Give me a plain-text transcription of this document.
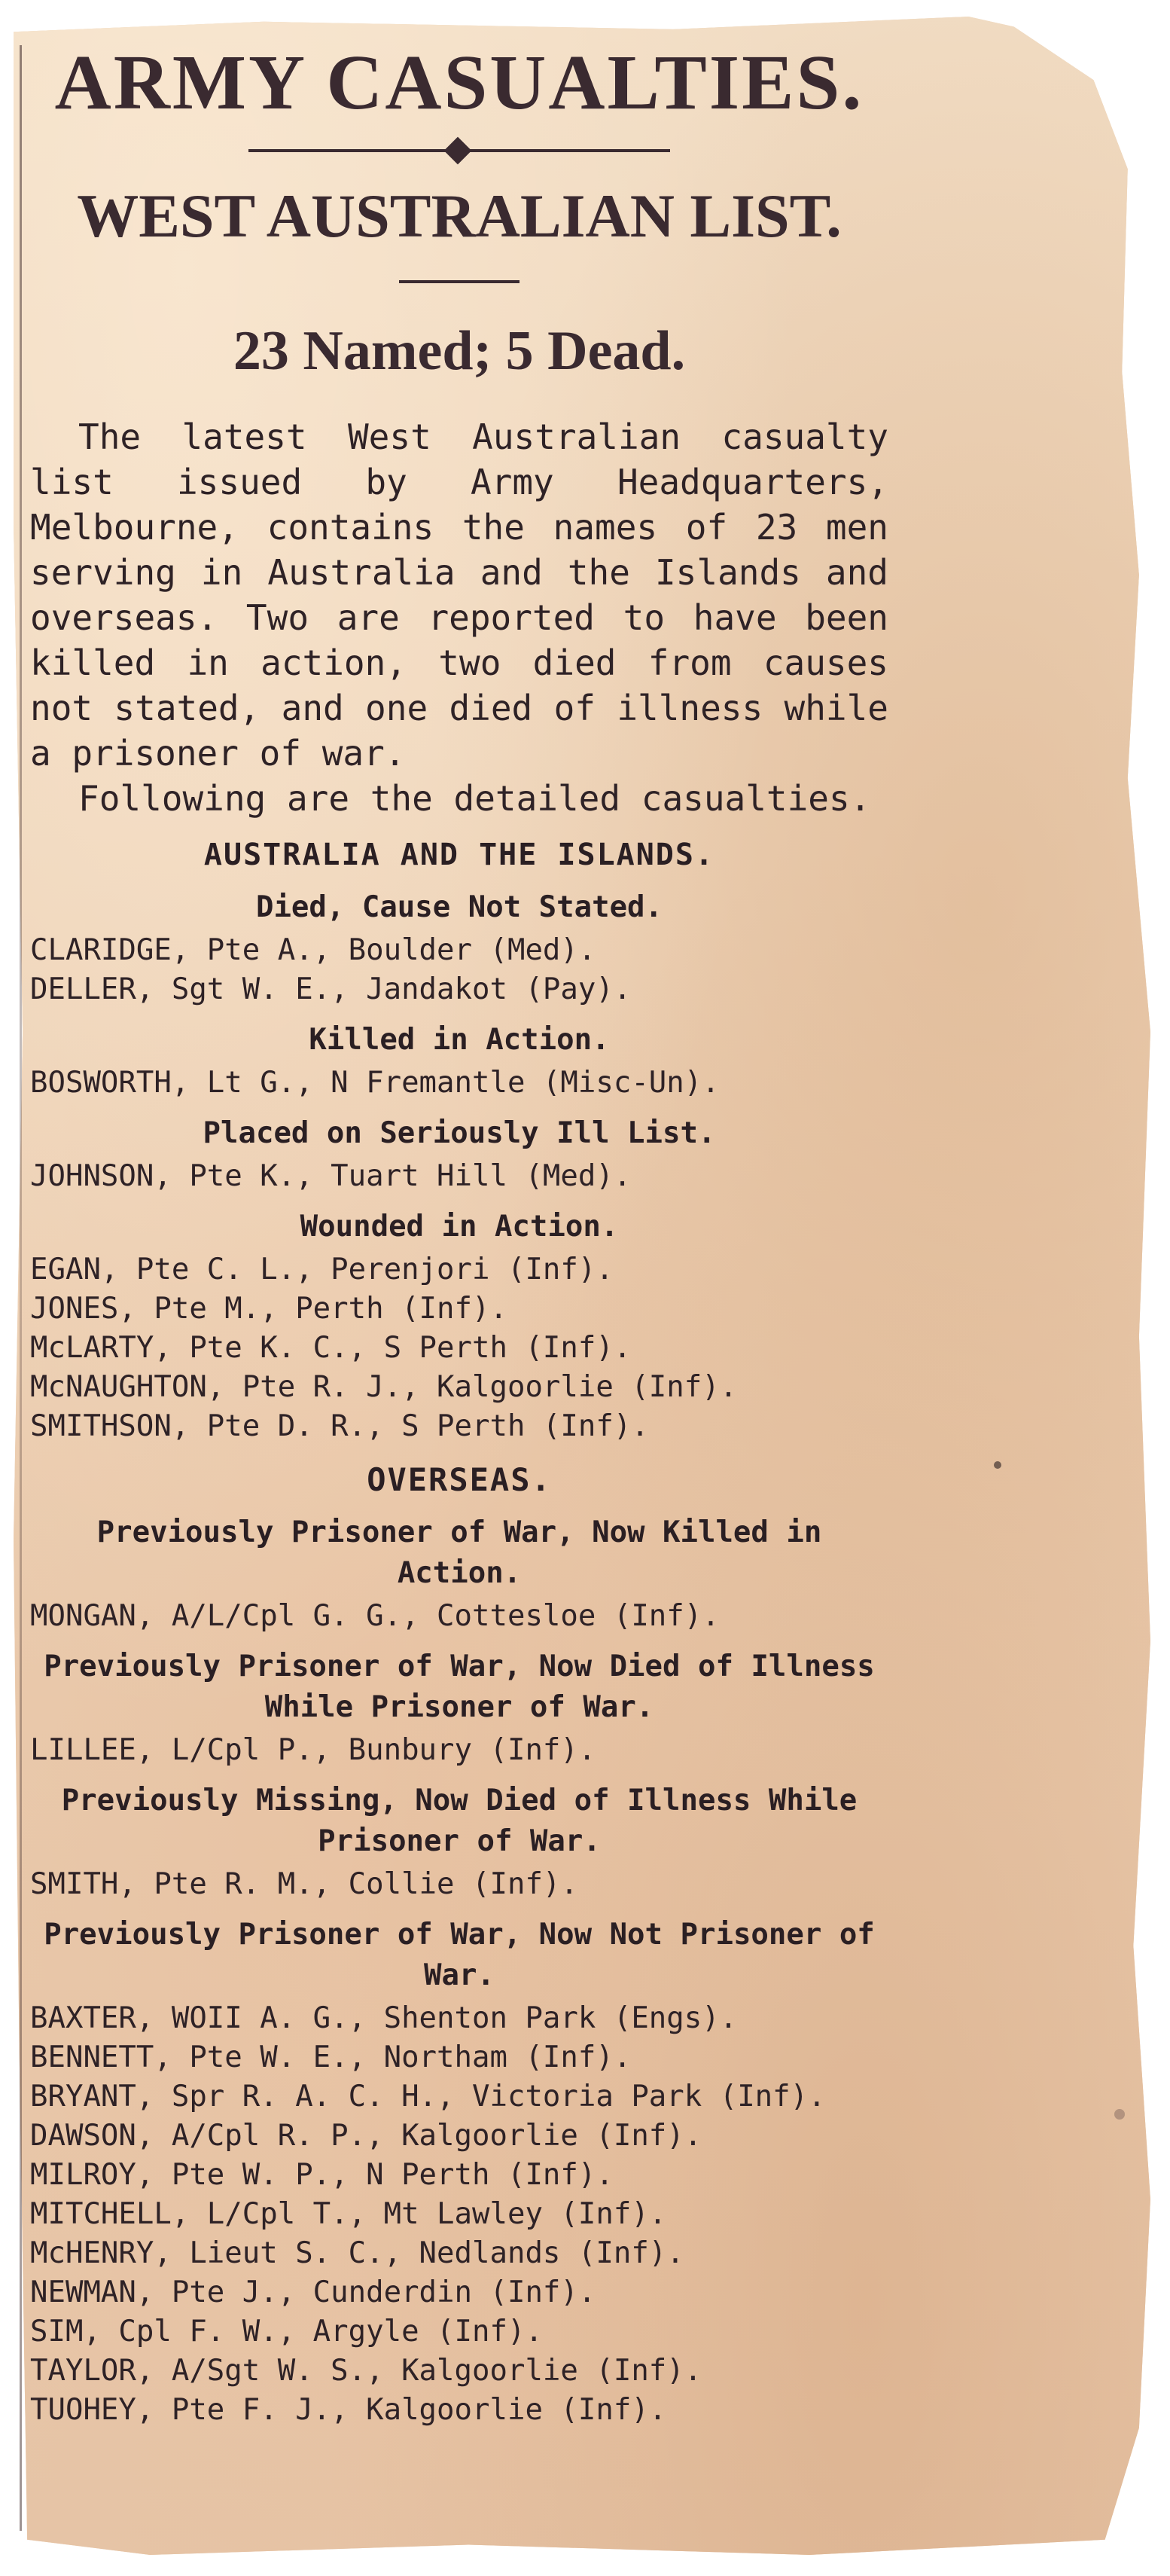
ARMY CASUALTIES.
WEST AUSTRALIAN LIST.
23 Named; 5 Dead.

The latest West Australian casualty list issued by Army Headquarters, Melbourne, contains the names of 23 men serving in Australia and the Islands and overseas. Two are reported to have been killed in action, two died from causes not stated, and one died of illness while a prisoner of war.

Following are the detailed casualties.

AUSTRALIA AND THE ISLANDS.
Died, Cause Not Stated.
CLARIDGE, Pte A., Boulder (Med).
DELLER, Sgt W. E., Jandakot (Pay).
Killed in Action.
BOSWORTH, Lt G., N Fremantle (Misc-Un).
Placed on Seriously Ill List.
JOHNSON, Pte K., Tuart Hill (Med).
Wounded in Action.
EGAN, Pte C. L., Perenjori (Inf).
JONES, Pte M., Perth (Inf).
McLARTY, Pte K. C., S Perth (Inf).
McNAUGHTON, Pte R. J., Kalgoorlie (Inf).
SMITHSON, Pte D. R., S Perth (Inf).
OVERSEAS.
Previously Prisoner of War, Now Killed in Action.
MONGAN, A/L/Cpl G. G., Cottesloe (Inf).
Previously Prisoner of War, Now Died of Illness While Prisoner of War.
LILLEE, L/Cpl P., Bunbury (Inf).
Previously Missing, Now Died of Illness While Prisoner of War.
SMITH, Pte R. M., Collie (Inf).
Previously Prisoner of War, Now Not Prisoner of War.
BAXTER, WOII A. G., Shenton Park (Engs).
BENNETT, Pte W. E., Northam (Inf).
BRYANT, Spr R. A. C. H., Victoria Park (Inf).
DAWSON, A/Cpl R. P., Kalgoorlie (Inf).
MILROY, Pte W. P., N Perth (Inf).
MITCHELL, L/Cpl T., Mt Lawley (Inf).
McHENRY, Lieut S. C., Nedlands (Inf).
NEWMAN, Pte J., Cunderdin (Inf).
SIM, Cpl F. W., Argyle (Inf).
TAYLOR, A/Sgt W. S., Kalgoorlie (Inf).
TUOHEY, Pte F. J., Kalgoorlie (Inf).
